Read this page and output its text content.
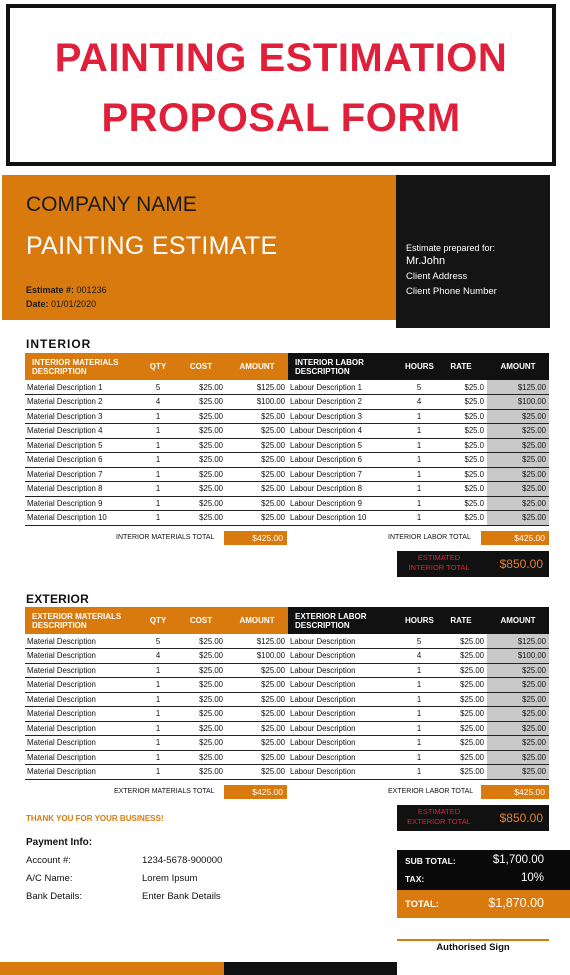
PAINTING ESTIMATION
PROPOSAL FORM
COMPANY NAME
PAINTING ESTIMATE
Estimate #: 001236
Date: 01/01/2020
Estimate prepared for:
Mr.John
Client Address
Client Phone Number
INTERIOR
INTERIOR MATERIALS DESCRIPTION	QTY	COST	AMOUNT	INTERIOR LABOR DESCRIPTION	HOURS	RATE	AMOUNT
Material Description 1	5	$25.00	$125.00	Labour Description 1	5	$25.0	$125.00
Material Description 2	4	$25.00	$100.00	Labour Description 2	4	$25.0	$100.00
Material Description 3	1	$25.00	$25.00	Labour Description 3	1	$25.0	$25.00
Material Description 4	1	$25.00	$25.00	Labour Description 4	1	$25.0	$25.00
Material Description 5	1	$25.00	$25.00	Labour Description 5	1	$25.0	$25.00
Material Description 6	1	$25.00	$25.00	Labour Description 6	1	$25.0	$25.00
Material Description 7	1	$25.00	$25.00	Labour Description 7	1	$25.0	$25.00
Material Description 8	1	$25.00	$25.00	Labour Description 8	1	$25.0	$25.00
Material Description 9	1	$25.00	$25.00	Labour Description 9	1	$25.0	$25.00
Material Description 10	1	$25.00	$25.00	Labour Description 10	1	$25.0	$25.00
INTERIOR MATERIALS TOTAL	$425.00	INTERIOR LABOR TOTAL	$425.00
ESTIMATED
INTERIOR TOTAL	$850.00
EXTERIOR
EXTERIOR MATERIALS DESCRIPTION	QTY	COST	AMOUNT	EXTERIOR LABOR DESCRIPTION	HOURS	RATE	AMOUNT
Material Description	5	$25.00	$125.00	Labour Description	5	$25.00	$125.00
Material Description	4	$25.00	$100.00	Labour Description	4	$25.00	$100.00
Material Description	1	$25.00	$25.00	Labour Description	1	$25.00	$25.00
Material Description	1	$25.00	$25.00	Labour Description	1	$25.00	$25.00
Material Description	1	$25.00	$25.00	Labour Description	1	$25.00	$25.00
Material Description	1	$25.00	$25.00	Labour Description	1	$25.00	$25.00
Material Description	1	$25.00	$25.00	Labour Description	1	$25.00	$25.00
Material Description	1	$25.00	$25.00	Labour Description	1	$25.00	$25.00
Material Description	1	$25.00	$25.00	Labour Description	1	$25.00	$25.00
Material Description	1	$25.00	$25.00	Labour Description	1	$25.00	$25.00
EXTERIOR MATERIALS TOTAL	$425.00	EXTERIOR LABOR TOTAL	$425.00
ESTIMATED
EXTERIOR TOTAL	$850.00
THANK YOU FOR YOUR BUSINESS!
Payment Info:
Account #:	1234-5678-900000
A/C Name:	Lorem Ipsum
Bank Details:	Enter Bank Details
SUB TOTAL:	$1,700.00
TAX:	10%
TOTAL:	$1,870.00
Authorised Sign
